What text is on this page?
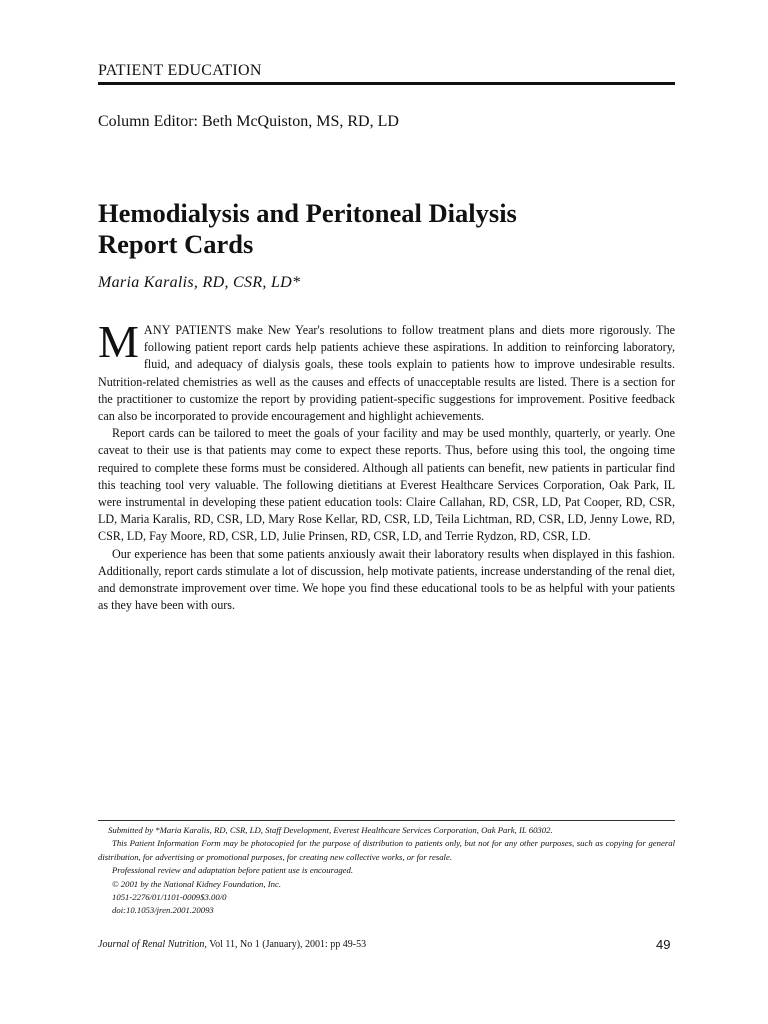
PATIENT EDUCATION
Column Editor: Beth McQuiston, MS, RD, LD
Hemodialysis and Peritoneal Dialysis
Report Cards
Maria Karalis, RD, CSR, LD*

MANY PATIENTS make New Year's resolutions to follow treatment plans and diets more rigorously. The following patient report cards help patients achieve these aspirations. In addition to reinforcing laboratory, fluid, and adequacy of dialysis goals, these tools explain to patients how to improve undesirable results. Nutrition-related chemistries as well as the causes and effects of unacceptable results are listed. There is a section for the practitioner to customize the report by providing patient-specific suggestions for improvement. Positive feedback can also be incorporated to provide encouragement and highlight achievements.

Report cards can be tailored to meet the goals of your facility and may be used monthly, quarterly, or yearly. One caveat to their use is that patients may come to expect these reports. Thus, before using this tool, the ongoing time required to complete these forms must be considered. Although all patients can benefit, new patients in particular find this teaching tool very valuable. The following dietitians at Everest Healthcare Services Corporation, Oak Park, IL were instrumental in developing these patient education tools: Claire Callahan, RD, CSR, LD, Pat Cooper, RD, CSR, LD, Maria Karalis, RD, CSR, LD, Mary Rose Kellar, RD, CSR, LD, Teila Lichtman, RD, CSR, LD, Jenny Lowe, RD, CSR, LD, Fay Moore, RD, CSR, LD, Julie Prinsen, RD, CSR, LD, and Terrie Rydzon, RD, CSR, LD.

Our experience has been that some patients anxiously await their laboratory results when displayed in this fashion. Additionally, report cards stimulate a lot of discussion, help motivate patients, increase understanding of the renal diet, and demonstrate improvement over time. We hope you find these educational tools to be as helpful with your patients as they have been with ours.

Submitted by *Maria Karalis, RD, CSR, LD, Staff Development, Everest Healthcare Services Corporation, Oak Park, IL 60302.

This Patient Information Form may be photocopied for the purpose of distribution to patients only, but not for any other purposes, such as copying for general distribution, for advertising or promotional purposes, for creating new collective works, or for resale.

Professional review and adaptation before patient use is encouraged.

© 2001 by the National Kidney Foundation, Inc.

1051-2276/01/1101-0009$3.00/0

doi:10.1053/jren.2001.20093

Journal of Renal Nutrition, Vol 11, No 1 (January), 2001: pp 49-53	49
